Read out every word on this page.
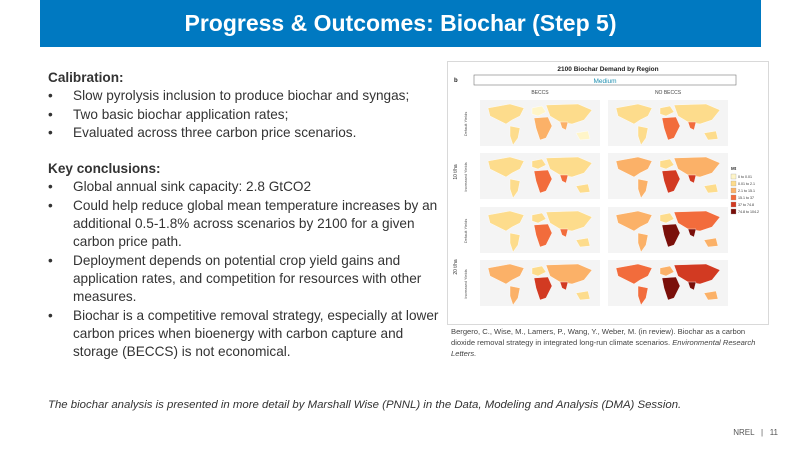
Progress & Outcomes: Biochar (Step 5)
Calibration:
• Slow pyrolysis inclusion to produce biochar and syngas;
• Two basic biochar application rates;
• Evaluated across three carbon price scenarios.
Key conclusions:
• Global annual sink capacity: 2.8 GtCO2
• Could help reduce global mean temperature increases by an additional 0.5-1.8% across scenarios by 2100 for a given carbon price path.
• Deployment depends on potential crop yield gains and application rates, and competition for resources with other measures.
• Biochar is a competitive removal strategy, especially at lower carbon prices when bioenergy with carbon capture and storage (BECCS) is not economical.
2100 Biochar Demand by Region
b	Medium
BECCS	NO BECCS
10 t/ha
20 t/ha
Default Yields
Increased Yields
Default Yields
Increased Yields
Mt
0 to 0.01
0.01 to 2.1
2.1 to 15.1
15.1 to 37
37 to 74.8
74.8 to 104.2
Bergero, C., Wise, M., Lamers, P., Wang, Y., Weber, M. (in review). Biochar as a carbon dioxide removal strategy in integrated long-run climate scenarios. Environmental Research Letters.
The biochar analysis is presented in more detail by Marshall Wise (PNNL) in the Data, Modeling and Analysis (DMA) Session.
NREL | 11
